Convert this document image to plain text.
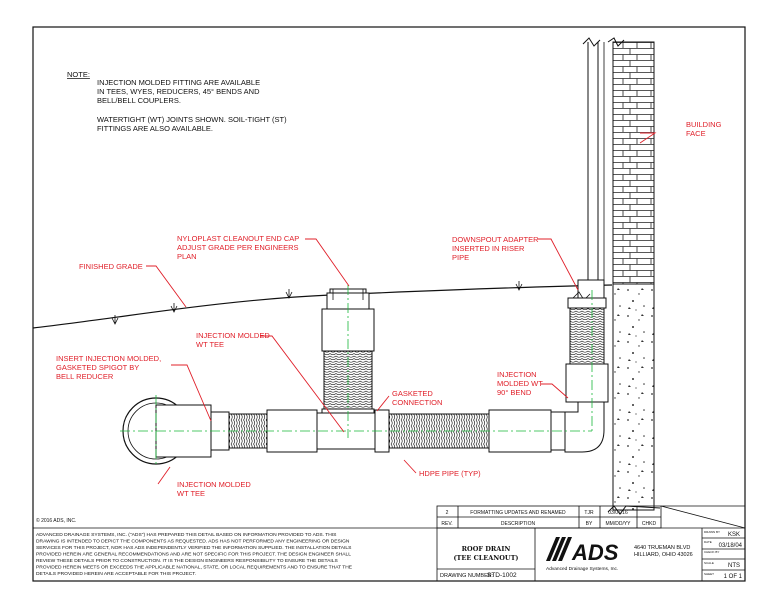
NOTE:
INJECTION MOLDED FITTING ARE AVAILABLE
IN TEES, WYES, REDUCERS, 45° BENDS AND
BELL/BELL COUPLERS.
WATERTIGHT (WT) JOINTS SHOWN. SOIL-TIGHT (ST)
FITTINGS ARE ALSO AVAILABLE.	BUILDING
FACE
NYLOPLAST CLEANOUT END CAP
ADJUST GRADE PER ENGINEERS
PLAN
FINISHED GRADE
DOWNSPOUT ADAPTER
INSERTED IN RISER
PIPE
INJECTION MOLDED
WT TEE
INSERT INJECTION MOLDED,
GASKETED SPIGOT BY
BELL REDUCER
GASKETED
CONNECTION
INJECTION
MOLDED WT
90° BEND
HDPE PIPE (TYP)
INJECTION MOLDED
WT TEE
© 2016 ADS, INC.
2	FORMATTING UPDATES AND RENAMED	TJR	03/07/16
REV.	DESCRIPTION	BY	MM/DD/YY CHKD
ADVANCED DRAINAGE SYSTEMS, INC. ("ADS") HAS PREPARED THIS DETAIL BASED ON INFORMATION PROVIDED TO ADS. THIS
DRAWING IS INTENDED TO DEPICT THE COMPONENTS AS REQUESTED. ADS HAS NOT PERFORMED ANY ENGINEERING OR DESIGN
SERVICES FOR THIS PROJECT, NOR HAS ADS INDEPENDENTLY VERIFIED THE INFORMATION SUPPLIED. THE INSTALLATION DETAILS
PROVIDED HEREIN ARE GENERAL RECOMMENDATIONS AND ARE NOT SPECIFIC FOR THIS PROJECT. THE DESIGN ENGINEER SHALL
REVIEW THESE DETAILS PRIOR TO CONSTRUCTION. IT IS THE DESIGN ENGINEERS RESPONSIBILITY TO ENSURE THE DETAILS
PROVIDED HEREIN MEETS OR EXCEEDS THE APPLICABLE NATIONAL, STATE, OR LOCAL REQUIREMENTS AND TO ENSURE THAT THE
DETAILS PROVIDED HEREIN ARE ACCEPTABLE FOR THIS PROJECT.
ROOF DRAIN
(TEE CLEANOUT)
DRAWING NUMBER:
STD-1002
ADS
Advanced Drainage Systems, Inc.
4640 TRUEMAN BLVD
HILLIARD, OHIO 43026
DRAWN BY KSK
DATE
03/18/04
CHECK BY
SCALE NTS
SHEET 1 OF 1
